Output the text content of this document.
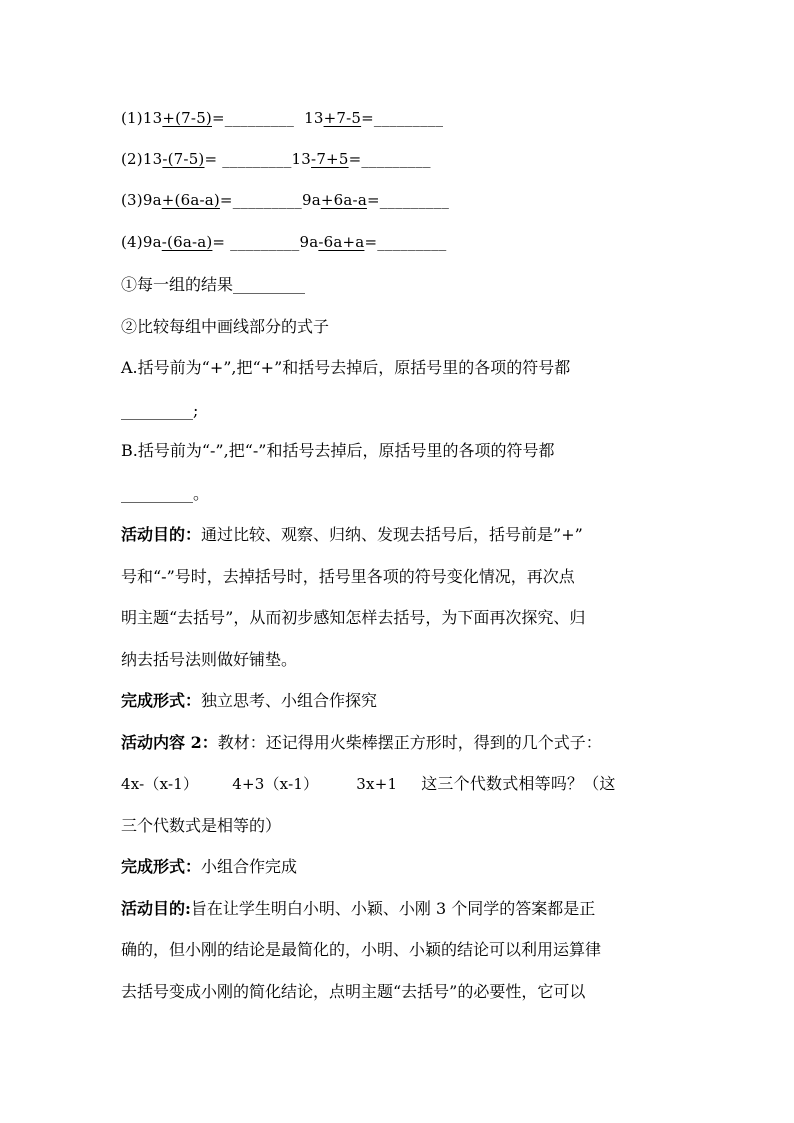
(1)13+(7-5)=_________ 13+7-5=_________
(2)13-(7-5)= _________13-7+5=_________
(3)9a+(6a-a)=_________9a+6a-a=_________
(4)9a-(6a-a)= _________9a-6a+a=_________
①每一组的结果_________
②比较每组中画线部分的式子
A.括号前为“+”,把“+”和括号去掉后，原括号里的各项的符号都
_________;
B.括号前为“-”,把“-”和括号去掉后，原括号里的各项的符号都
_________。
活动目的：通过比较、观察、归纳、发现去括号后，括号前是”+”
号和“-”号时，去掉括号时，括号里各项的符号变化情况，再次点
明主题“去括号”，从而初步感知怎样去括号，为下面再次探究、归
纳去括号法则做好铺垫。
完成形式：独立思考、小组合作探究
活动内容 2：教材：还记得用火柴棒摆正方形时，得到的几个式子：
4x-（x-1） 4+3（x-1）	3x+1 这三个代数式相等吗？（这
三个代数式是相等的）
完成形式：小组合作完成
活动目的:旨在让学生明白小明、小颖、小刚 3 个同学的答案都是正
确的，但小刚的结论是最简化的，小明、小颖的结论可以利用运算律
去括号变成小刚的简化结论，点明主题“去括号”的必要性，它可以
